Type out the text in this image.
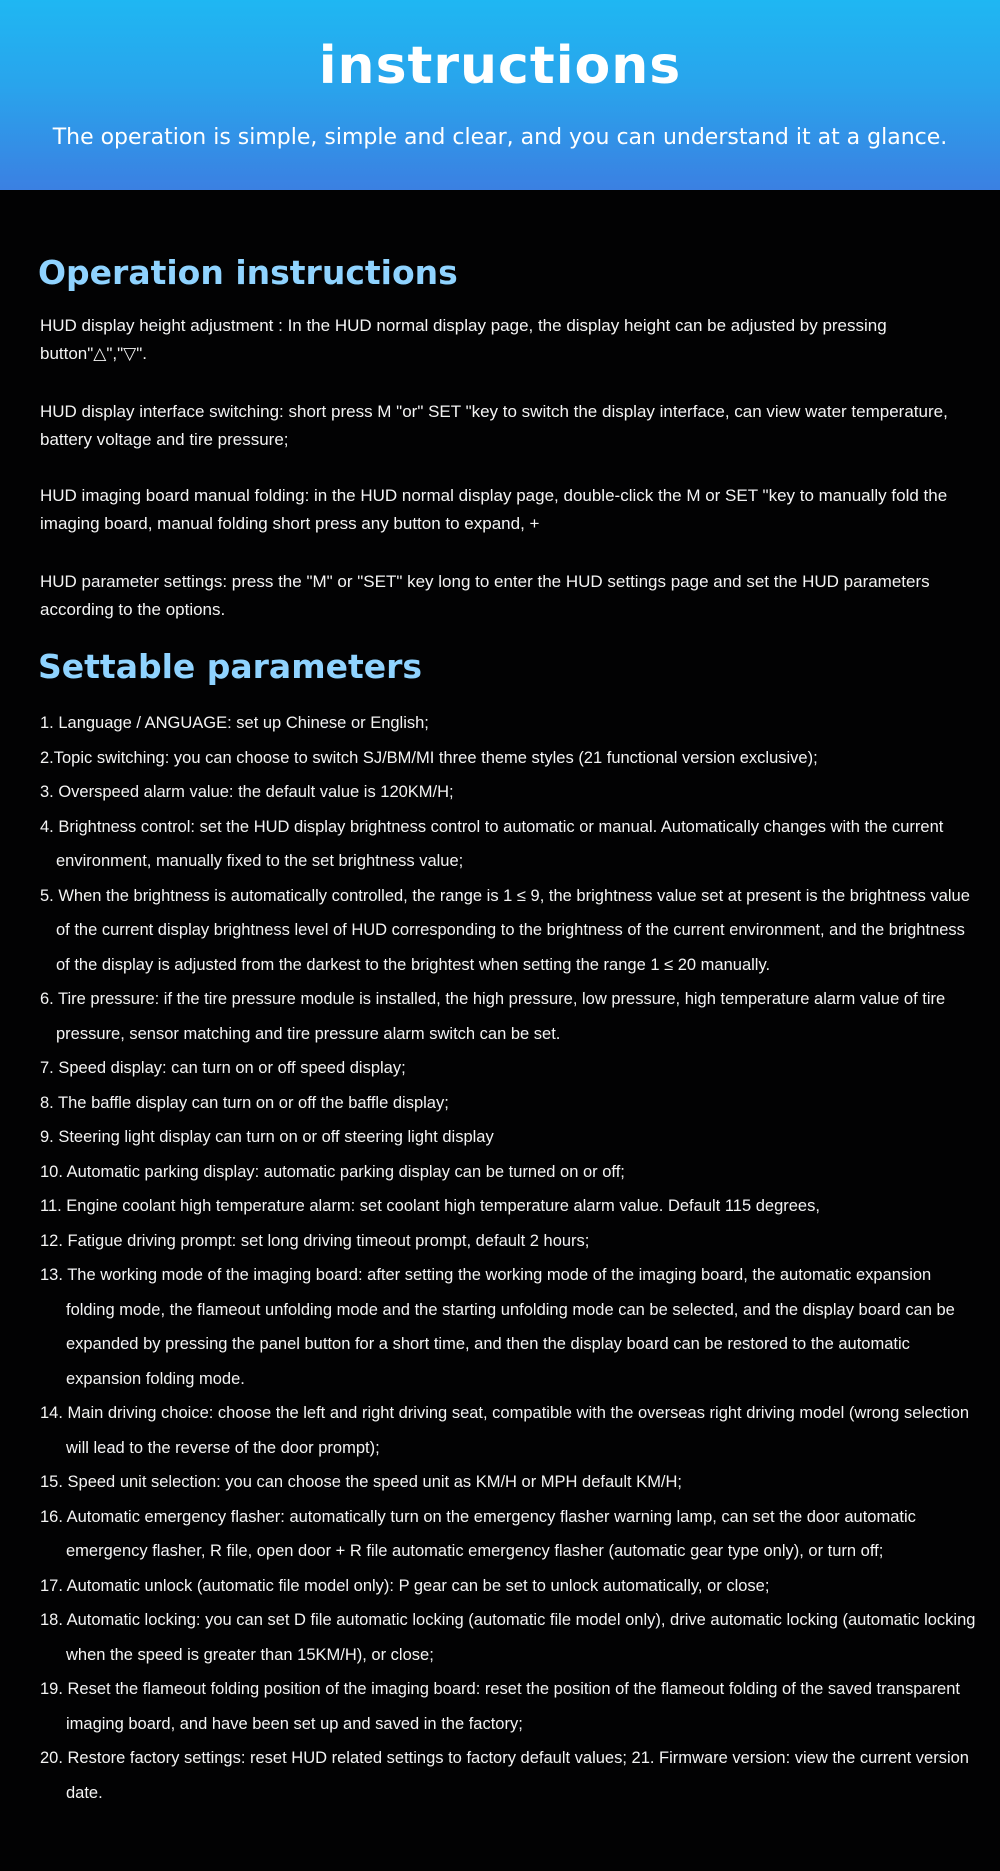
instructions
The operation is simple, simple and clear, and you can understand it at a glance.
Operation instructions
HUD display height adjustment : In the HUD normal display page, the display height can be adjusted by pressing button"△","▽".
HUD display interface switching: short press M "or" SET "key to switch the display interface, can view water temperature, battery voltage and tire pressure;
HUD imaging board manual folding: in the HUD normal display page, double-click the M or SET "key to manually fold the imaging board, manual folding short press any button to expand, +
HUD parameter settings: press the "M" or "SET" key long to enter the HUD settings page and set the HUD parameters according to the options.
Settable parameters
1. Language / ANGUAGE: set up Chinese or English;
2.Topic switching: you can choose to switch SJ/BM/MI three theme styles (21 functional version exclusive);
3. Overspeed alarm value: the default value is 120KM/H;
4. Brightness control: set the HUD display brightness control to automatic or manual. Automatically changes with the current environment, manually fixed to the set brightness value;
5. When the brightness is automatically controlled, the range is 1 ≤ 9, the brightness value set at present is the brightness value of the current display brightness level of HUD corresponding to the brightness of the current environment, and the brightness of the display is adjusted from the darkest to the brightest when setting the range 1 ≤ 20 manually.
6. Tire pressure: if the tire pressure module is installed, the high pressure, low pressure, high temperature alarm value of tire pressure, sensor matching and tire pressure alarm switch can be set.
7. Speed display: can turn on or off speed display;
8. The baffle display can turn on or off the baffle display;
9. Steering light display can turn on or off steering light display
10. Automatic parking display: automatic parking display can be turned on or off;
11. Engine coolant high temperature alarm: set coolant high temperature alarm value. Default 115 degrees,
12. Fatigue driving prompt: set long driving timeout prompt, default 2 hours;
13. The working mode of the imaging board: after setting the working mode of the imaging board, the automatic expansion folding mode, the flameout unfolding mode and the starting unfolding mode can be selected, and the display board can be expanded by pressing the panel button for a short time, and then the display board can be restored to the automatic expansion folding mode.
14. Main driving choice: choose the left and right driving seat, compatible with the overseas right driving model (wrong selection will lead to the reverse of the door prompt);
15. Speed unit selection: you can choose the speed unit as KM/H or MPH default KM/H;
16. Automatic emergency flasher: automatically turn on the emergency flasher warning lamp, can set the door automatic emergency flasher, R file, open door + R file automatic emergency flasher (automatic gear type only), or turn off;
17. Automatic unlock (automatic file model only): P gear can be set to unlock automatically, or close;
18. Automatic locking: you can set D file automatic locking (automatic file model only), drive automatic locking (automatic locking when the speed is greater than 15KM/H), or close;
19. Reset the flameout folding position of the imaging board: reset the position of the flameout folding of the saved transparent imaging board, and have been set up and saved in the factory;
20. Restore factory settings: reset HUD related settings to factory default values; 21. Firmware version: view the current version date.
